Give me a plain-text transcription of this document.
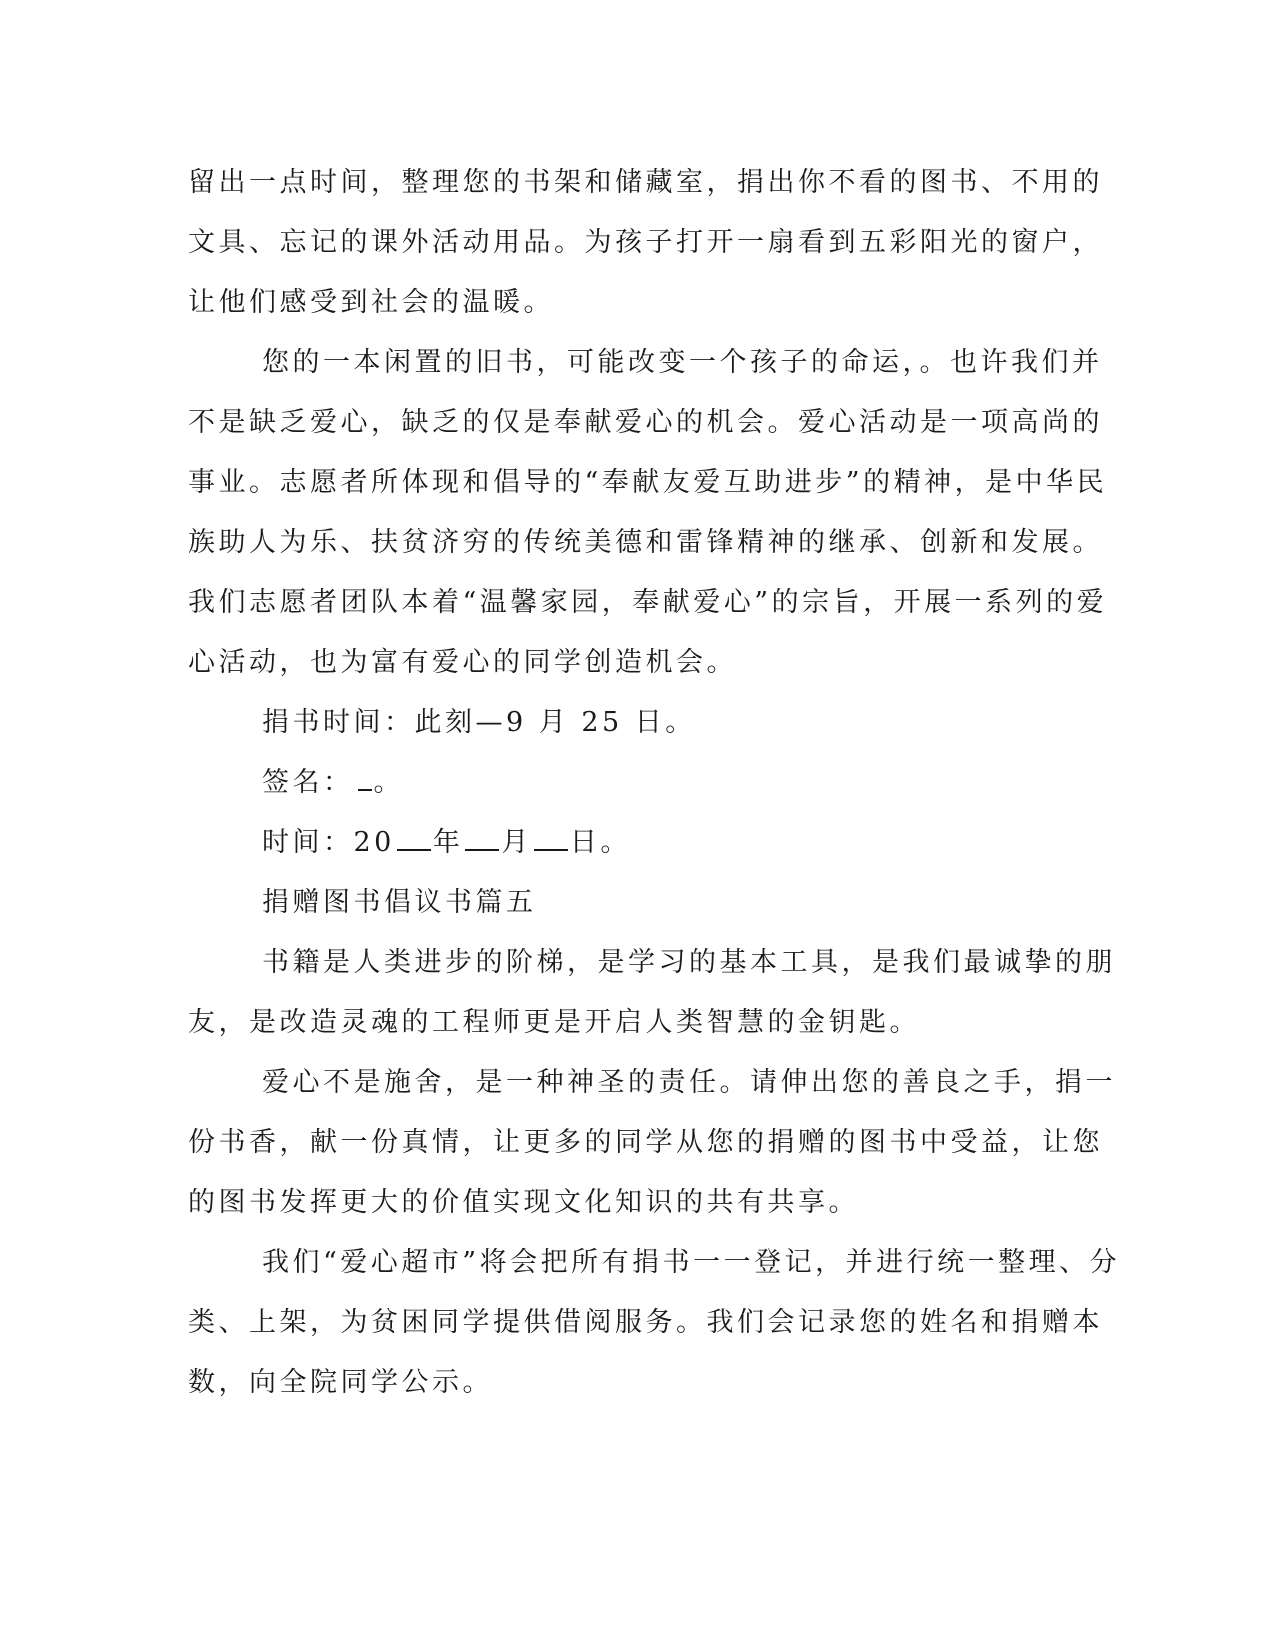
留出一点时间，整理您的书架和储藏室，捐出你不看的图书、不用的
文具、忘记的课外活动用品。为孩子打开一扇看到五彩阳光的窗户，
让他们感受到社会的温暖。
您的一本闲置的旧书，可能改变一个孩子的命运，。也许我们并
不是缺乏爱心，缺乏的仅是奉献爱心的机会。爱心活动是一项高尚的
事业。志愿者所体现和倡导的“奉献友爱互助进步”的精神，是中华民
族助人为乐、扶贫济穷的传统美德和雷锋精神的继承、创新和发展。
我们志愿者团队本着“温馨家园，奉献爱心”的宗旨，开展一系列的爱
心活动，也为富有爱心的同学创造机会。
捐书时间：此刻—9 月 25 日。
签名： 。
时间：20 年 月 日。
捐赠图书倡议书篇五
书籍是人类进步的阶梯，是学习的基本工具，是我们最诚挚的朋
友，是改造灵魂的工程师更是开启人类智慧的金钥匙。
爱心不是施舍，是一种神圣的责任。请伸出您的善良之手，捐一
份书香，献一份真情，让更多的同学从您的捐赠的图书中受益，让您
的图书发挥更大的价值实现文化知识的共有共享。
我们“爱心超市”将会把所有捐书一一登记，并进行统一整理、分
类、上架，为贫困同学提供借阅服务。我们会记录您的姓名和捐赠本
数，向全院同学公示。
